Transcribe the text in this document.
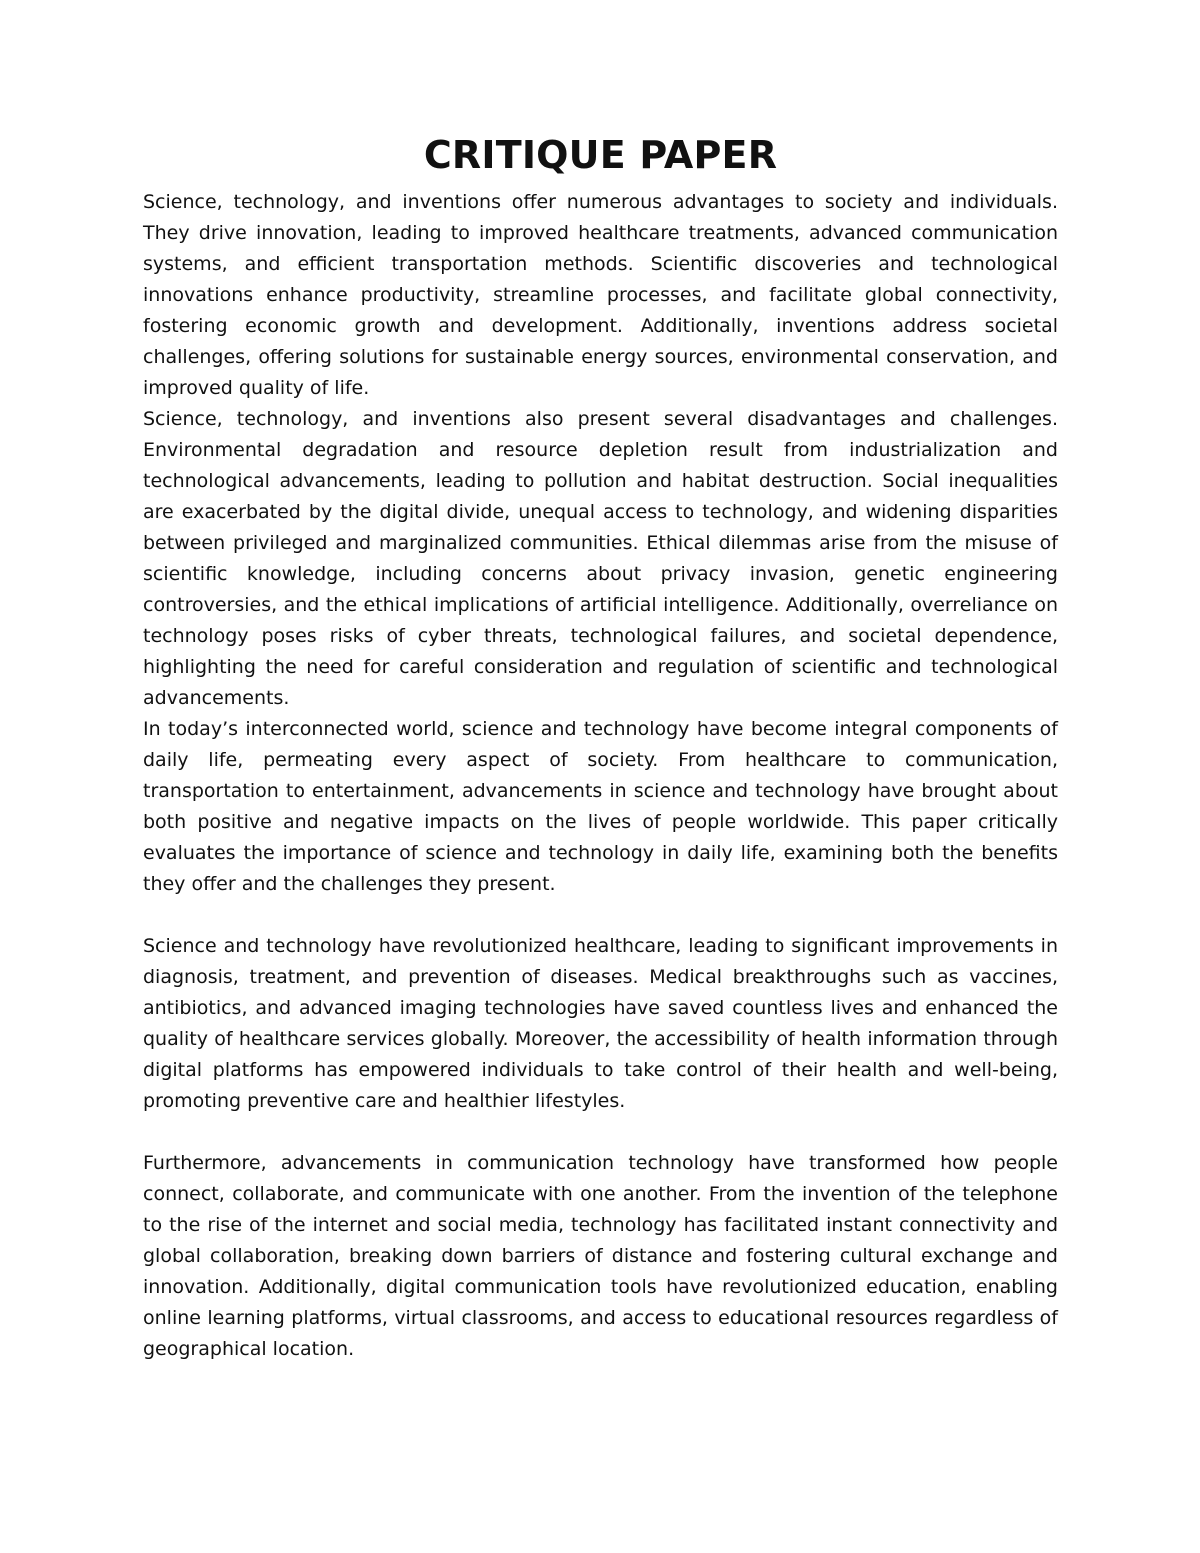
CRITIQUE PAPER

Science, technology, and inventions offer numerous advantages to society and individuals. They drive innovation, leading to improved healthcare treatments, advanced communication systems, and efficient transportation methods. Scientific discoveries and technological innovations enhance productivity, streamline processes, and facilitate global connectivity, fostering economic growth and development. Additionally, inventions address societal challenges, offering solutions for sustainable energy sources, environmental conservation, and improved quality of life.

Science, technology, and inventions also present several disadvantages and challenges. Environmental degradation and resource depletion result from industrialization and technological advancements, leading to pollution and habitat destruction. Social inequalities are exacerbated by the digital divide, unequal access to technology, and widening disparities between privileged and marginalized communities. Ethical dilemmas arise from the misuse of scientific knowledge, including concerns about privacy invasion, genetic engineering controversies, and the ethical implications of artificial intelligence. Additionally, overreliance on technology poses risks of cyber threats, technological failures, and societal dependence, highlighting the need for careful consideration and regulation of scientific and technological advancements.

In today’s interconnected world, science and technology have become integral components of daily life, permeating every aspect of society. From healthcare to communication, transportation to entertainment, advancements in science and technology have brought about both positive and negative impacts on the lives of people worldwide. This paper critically evaluates the importance of science and technology in daily life, examining both the benefits they offer and the challenges they present.

Science and technology have revolutionized healthcare, leading to significant improvements in diagnosis, treatment, and prevention of diseases. Medical breakthroughs such as vaccines, antibiotics, and advanced imaging technologies have saved countless lives and enhanced the quality of healthcare services globally. Moreover, the accessibility of health information through digital platforms has empowered individuals to take control of their health and well-being, promoting preventive care and healthier lifestyles.

Furthermore, advancements in communication technology have transformed how people connect, collaborate, and communicate with one another. From the invention of the telephone to the rise of the internet and social media, technology has facilitated instant connectivity and global collaboration, breaking down barriers of distance and fostering cultural exchange and innovation. Additionally, digital communication tools have revolutionized education, enabling online learning platforms, virtual classrooms, and access to educational resources regardless of geographical location.
